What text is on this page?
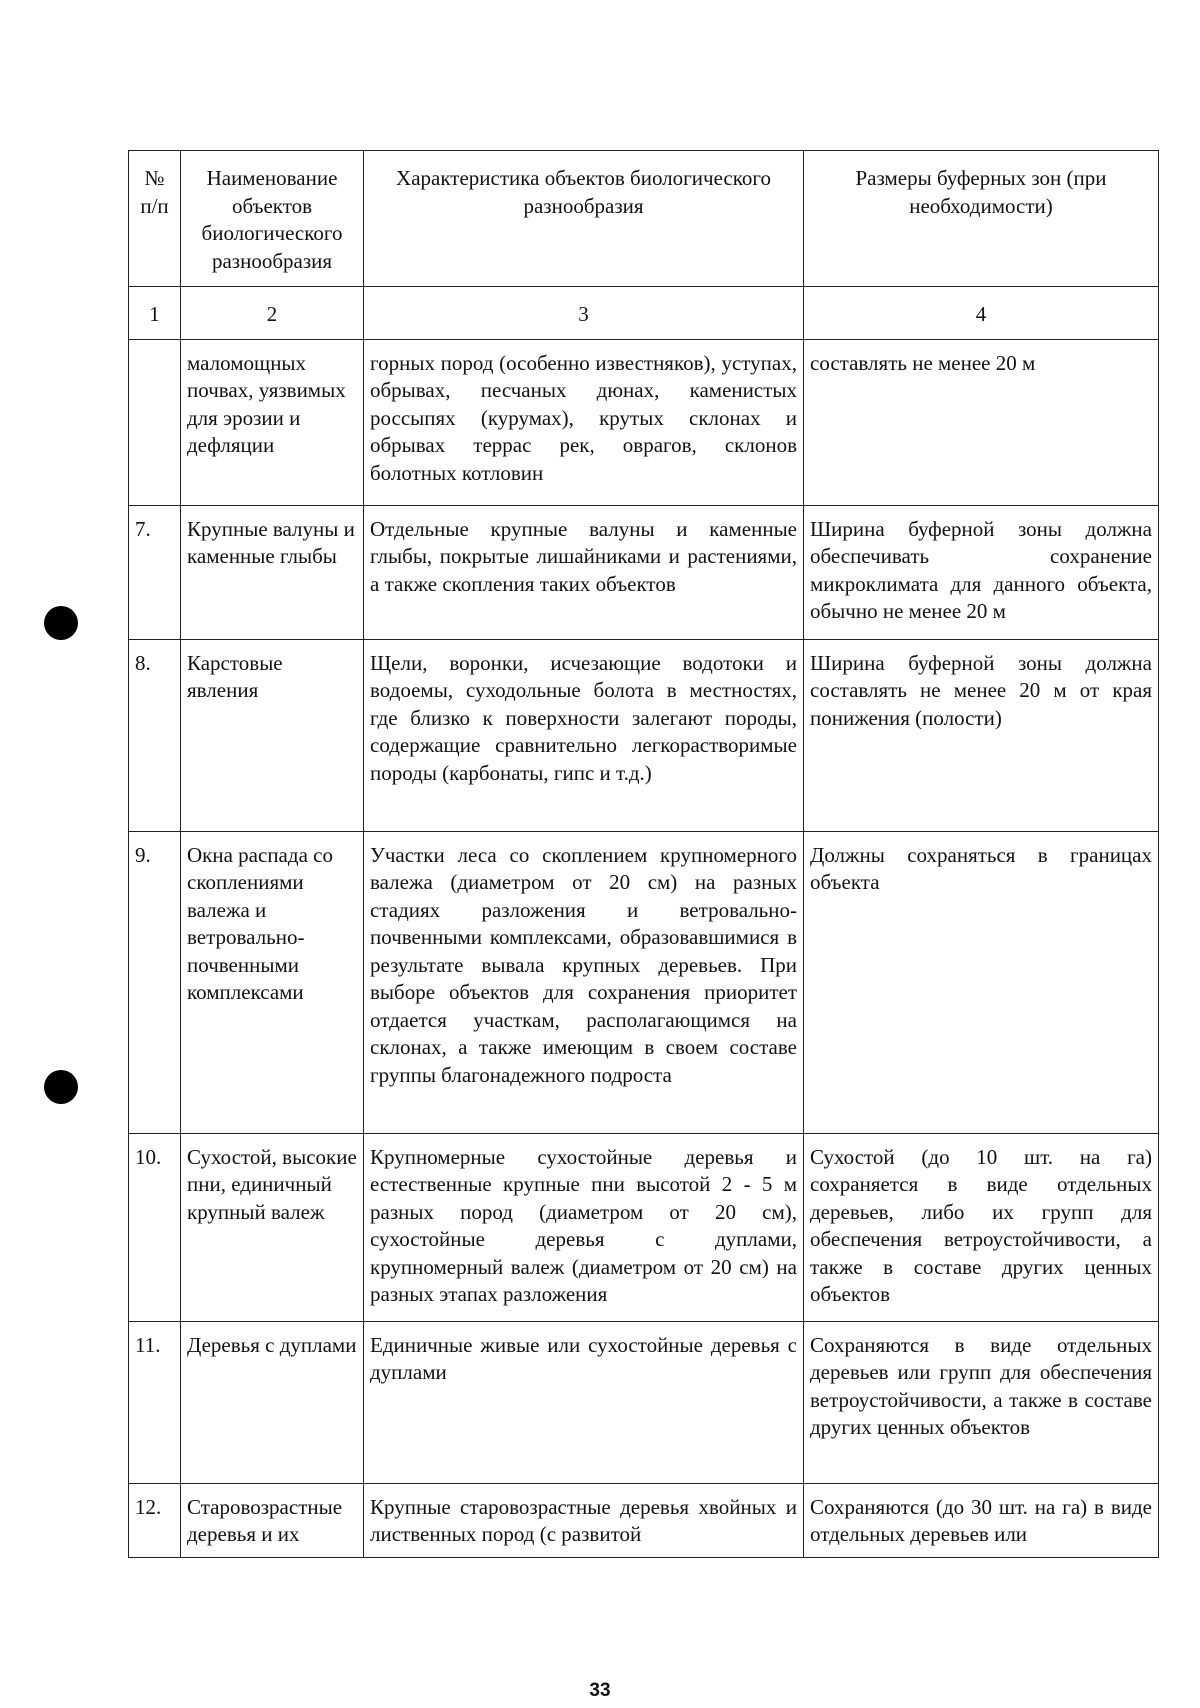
№ п/п	Наименование объектов биологического разнообразия	Характеристика объектов биологического разнообразия	Размеры буферных зон (при необходимости)
1	2	3	4
	маломощных почвах, уязвимых для эрозии и дефляции	горных пород (особенно известняков), уступах, обрывах, песчаных дюнах, каменистых россыпях (курумах), крутых склонах и обрывах террас рек, оврагов, склонов болотных котловин	составлять не менее 20 м
7.	Крупные валуны и каменные глыбы	Отдельные крупные валуны и каменные глыбы, покрытые лишайниками и растениями, а также скопления таких объектов	Ширина буферной зоны должна обеспечивать сохранение микроклимата для данного объекта, обычно не менее 20 м
8.	Карстовые явления	Щели, воронки, исчезающие водотоки и водоемы, суходольные болота в местностях, где близко к поверхности залегают породы, содержащие сравнительно легкорастворимые породы (карбонаты, гипс и т.д.)	Ширина буферной зоны должна составлять не менее 20 м от края понижения (полости)
9.	Окна распада со скоплениями валежа и ветровально-почвенными комплексами	Участки леса со скоплением крупномерного валежа (диаметром от 20 см) на разных стадиях разложения и ветровально-почвенными комплексами, образовавшимися в результате вывала крупных деревьев. При выборе объектов для сохранения приоритет отдается участкам, располагающимся на склонах, а также имеющим в своем составе группы благонадежного подроста	Должны сохраняться в границах объекта
10.	Сухостой, высокие пни, единичный крупный валеж	Крупномерные сухостойные деревья и естественные крупные пни высотой 2 - 5 м разных пород (диаметром от 20 см), сухостойные деревья с дуплами, крупномерный валеж (диаметром от 20 см) на разных этапах разложения	Сухостой (до 10 шт. на га) сохраняется в виде отдельных деревьев, либо их групп для обеспечения ветроустойчивости, а также в составе других ценных объектов
11.	Деревья с дуплами	Единичные живые или сухостойные деревья с дуплами	Сохраняются в виде отдельных деревьев или групп для обеспечения ветроустойчивости, а также в составе других ценных объектов
12.	Старовозрастные деревья и их	Крупные старовозрастные деревья хвойных и лиственных пород (с развитой	Сохраняются (до 30 шт. на га) в виде отдельных деревьев или
33
